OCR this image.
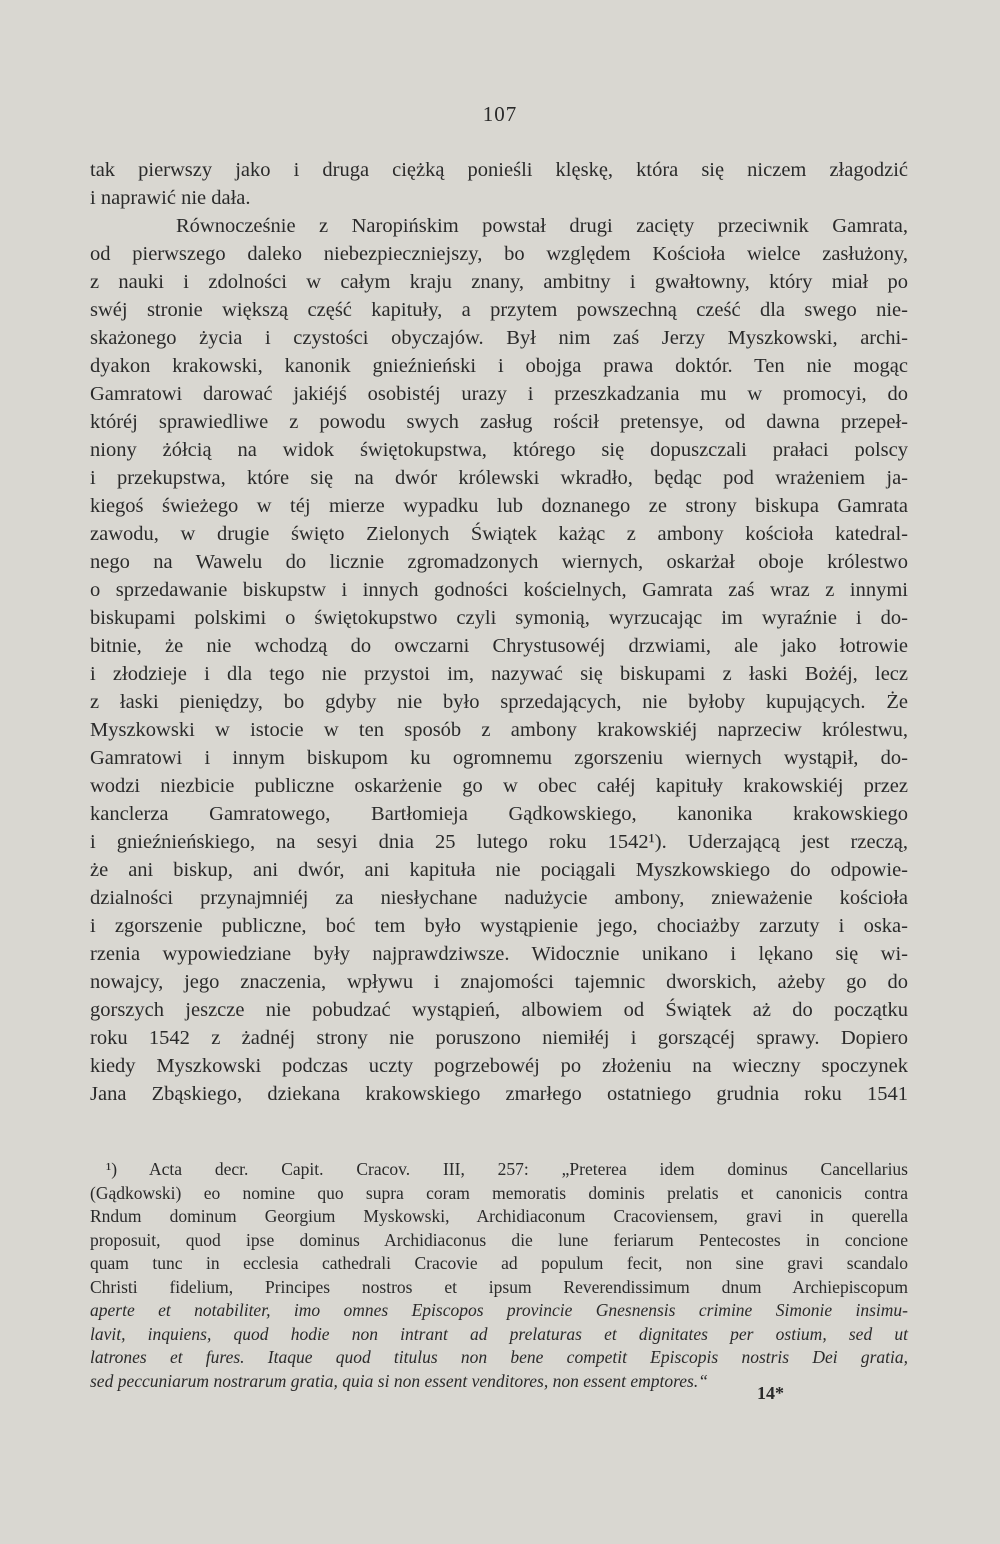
107
tak pierwszy jako i druga ciężką ponieśli klęskę, która się niczem złagodzić
i naprawić nie dała.
Równocześnie z Naropińskim powstał drugi zacięty przeciwnik Gamrata,
od pierwszego daleko niebezpieczniejszy, bo względem Kościoła wielce zasłużony,
z nauki i zdolności w całym kraju znany, ambitny i gwałtowny, który miał po
swéj stronie większą część kapituły, a przytem powszechną cześć dla swego nie-
skażonego życia i czystości obyczajów. Był nim zaś Jerzy Myszkowski, archi-
dyakon krakowski, kanonik gnieźnieński i obojga prawa doktór. Ten nie mogąc
Gamratowi darować jakiéjś osobistéj urazy i przeszkadzania mu w promocyi, do
któréj sprawiedliwe z powodu swych zasług rościł pretensye, od dawna przepeł-
niony żółcią na widok świętokupstwa, którego się dopuszczali prałaci polscy
i przekupstwa, które się na dwór królewski wkradło, będąc pod wrażeniem ja-
kiegoś świeżego w téj mierze wypadku lub doznanego ze strony biskupa Gamrata
zawodu, w drugie święto Zielonych Świątek każąc z ambony kościoła katedral-
nego na Wawelu do licznie zgromadzonych wiernych, oskarżał oboje królestwo
o sprzedawanie biskupstw i innych godności kościelnych, Gamrata zaś wraz z innymi
biskupami polskimi o świętokupstwo czyli symonią, wyrzucając im wyraźnie i do-
bitnie, że nie wchodzą do owczarni Chrystusowéj drzwiami, ale jako łotrowie
i złodzieje i dla tego nie przystoi im, nazywać się biskupami z łaski Bożéj, lecz
z łaski pieniędzy, bo gdyby nie było sprzedających, nie byłoby kupujących. Że
Myszkowski w istocie w ten sposób z ambony krakowskiéj naprzeciw królestwu,
Gamratowi i innym biskupom ku ogromnemu zgorszeniu wiernych wystąpił, do-
wodzi niezbicie publiczne oskarżenie go w obec całéj kapituły krakowskiéj przez
kanclerza Gamratowego, Bartłomieja Gądkowskiego, kanonika krakowskiego
i gnieźnieńskiego, na sesyi dnia 25 lutego roku 1542¹). Uderzającą jest rzeczą,
że ani biskup, ani dwór, ani kapituła nie pociągali Myszkowskiego do odpowie-
dzialności przynajmniéj za niesłychane nadużycie ambony, znieważenie kościoła
i zgorszenie publiczne, boć tem było wystąpienie jego, chociażby zarzuty i oska-
rzenia wypowiedziane były najprawdziwsze. Widocznie unikano i lękano się wi-
nowajcy, jego znaczenia, wpływu i znajomości tajemnic dworskich, ażeby go do
gorszych jeszcze nie pobudzać wystąpień, albowiem od Świątek aż do początku
roku 1542 z żadnéj strony nie poruszono niemiłéj i gorszącéj sprawy. Dopiero
kiedy Myszkowski podczas uczty pogrzebowéj po złożeniu na wieczny spoczynek
Jana Zbąskiego, dziekana krakowskiego zmarłego ostatniego grudnia roku 1541
¹) Acta decr. Capit. Cracov. III, 257: „Preterea idem dominus Cancellarius
(Gądkowski) eo nomine quo supra coram memoratis dominis prelatis et canonicis contra
Rndum dominum Georgium Myskowski, Archidiaconum Cracoviensem, gravi in querella
proposuit, quod ipse dominus Archidiaconus die lune feriarum Pentecostes in concione
quam tunc in ecclesia cathedrali Cracovie ad populum fecit, non sine gravi scandalo
Christi fidelium, Principes nostros et ipsum Reverendissimum dnum Archiepiscopum
aperte et notabiliter, imo omnes Episcopos provincie Gnesnensis crimine Simonie insimu-
lavit, inquiens, quod hodie non intrant ad prelaturas et dignitates per ostium, sed ut
latrones et fures. Itaque quod titulus non bene competit Episcopis nostris Dei gratia,
sed peccuniarum nostrarum gratia, quia si non essent venditores, non essent emptores.“
14*
